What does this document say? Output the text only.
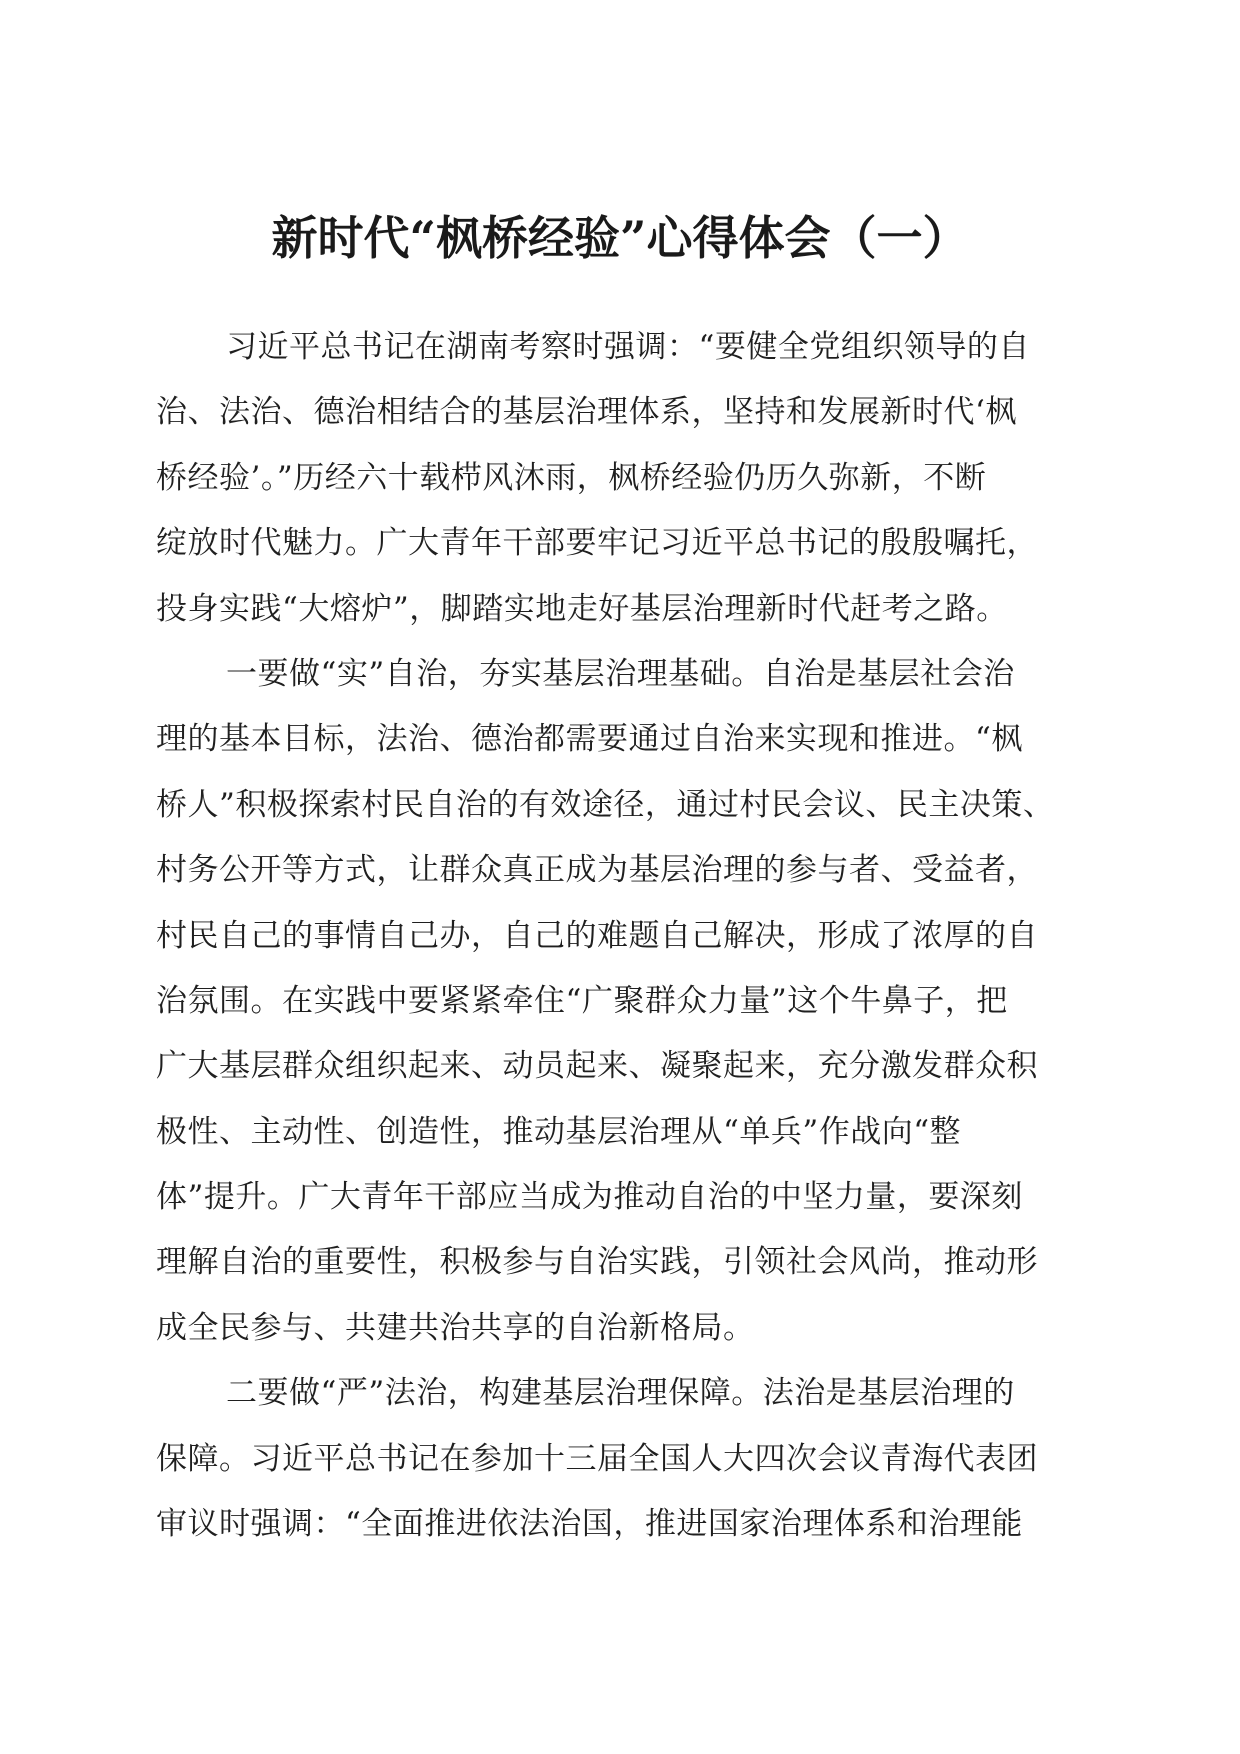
新时代“枫桥经验”心得体会（一）
习近平总书记在湖南考察时强调：“要健全党组织领导的自
治、法治、德治相结合的基层治理体系，坚持和发展新时代‘枫
桥经验’。”历经六十载栉风沐雨，枫桥经验仍历久弥新，不断
绽放时代魅力。广大青年干部要牢记习近平总书记的殷殷嘱托，
投身实践“大熔炉”，脚踏实地走好基层治理新时代赶考之路。
一要做“实”自治，夯实基层治理基础。自治是基层社会治
理的基本目标，法治、德治都需要通过自治来实现和推进。“枫
桥人”积极探索村民自治的有效途径，通过村民会议、民主决策、
村务公开等方式，让群众真正成为基层治理的参与者、受益者，
村民自己的事情自己办，自己的难题自己解决，形成了浓厚的自
治氛围。在实践中要紧紧牵住“广聚群众力量”这个牛鼻子，把
广大基层群众组织起来、动员起来、凝聚起来，充分激发群众积
极性、主动性、创造性，推动基层治理从“单兵”作战向“整
体”提升。广大青年干部应当成为推动自治的中坚力量，要深刻
理解自治的重要性，积极参与自治实践，引领社会风尚，推动形
成全民参与、共建共治共享的自治新格局。
二要做“严”法治，构建基层治理保障。法治是基层治理的
保障。习近平总书记在参加十三届全国人大四次会议青海代表团
审议时强调：“全面推进依法治国，推进国家治理体系和治理能
